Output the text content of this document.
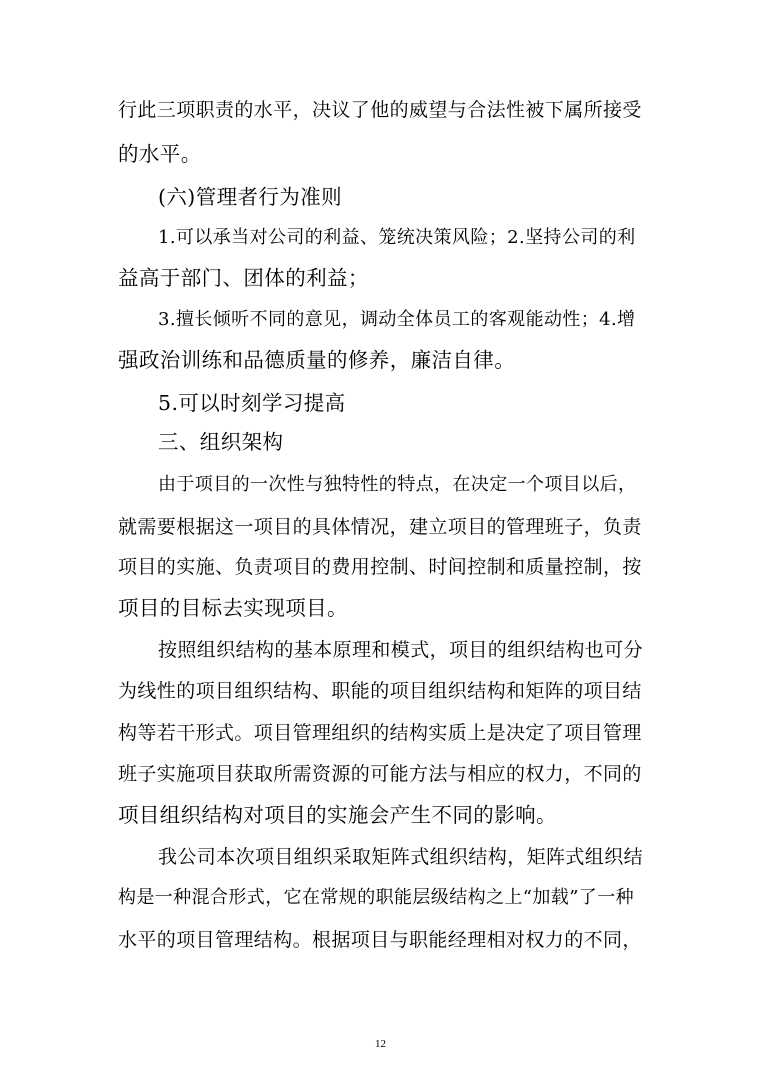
行此三项职责的水平，决议了他的威望与合法性被下属所接受
的水平。
(六)管理者行为准则
1.可以承当对公司的利益、笼统决策风险；2.坚持公司的利
益高于部门、团体的利益；
3.擅长倾听不同的意见，调动全体员工的客观能动性；4.增
强政治训练和品德质量的修养，廉洁自律。
5.可以时刻学习提高
三、组织架构
由于项目的一次性与独特性的特点，在决定一个项目以后，
就需要根据这一项目的具体情况，建立项目的管理班子，负责
项目的实施、负责项目的费用控制、时间控制和质量控制，按
项目的目标去实现项目。
按照组织结构的基本原理和模式，项目的组织结构也可分
为线性的项目组织结构、职能的项目组织结构和矩阵的项目结
构等若干形式。项目管理组织的结构实质上是决定了项目管理
班子实施项目获取所需资源的可能方法与相应的权力，不同的
项目组织结构对项目的实施会产生不同的影响。
我公司本次项目组织采取矩阵式组织结构，矩阵式组织结
构是一种混合形式，它在常规的职能层级结构之上“加载”了一种
水平的项目管理结构。根据项目与职能经理相对权力的不同，
12
